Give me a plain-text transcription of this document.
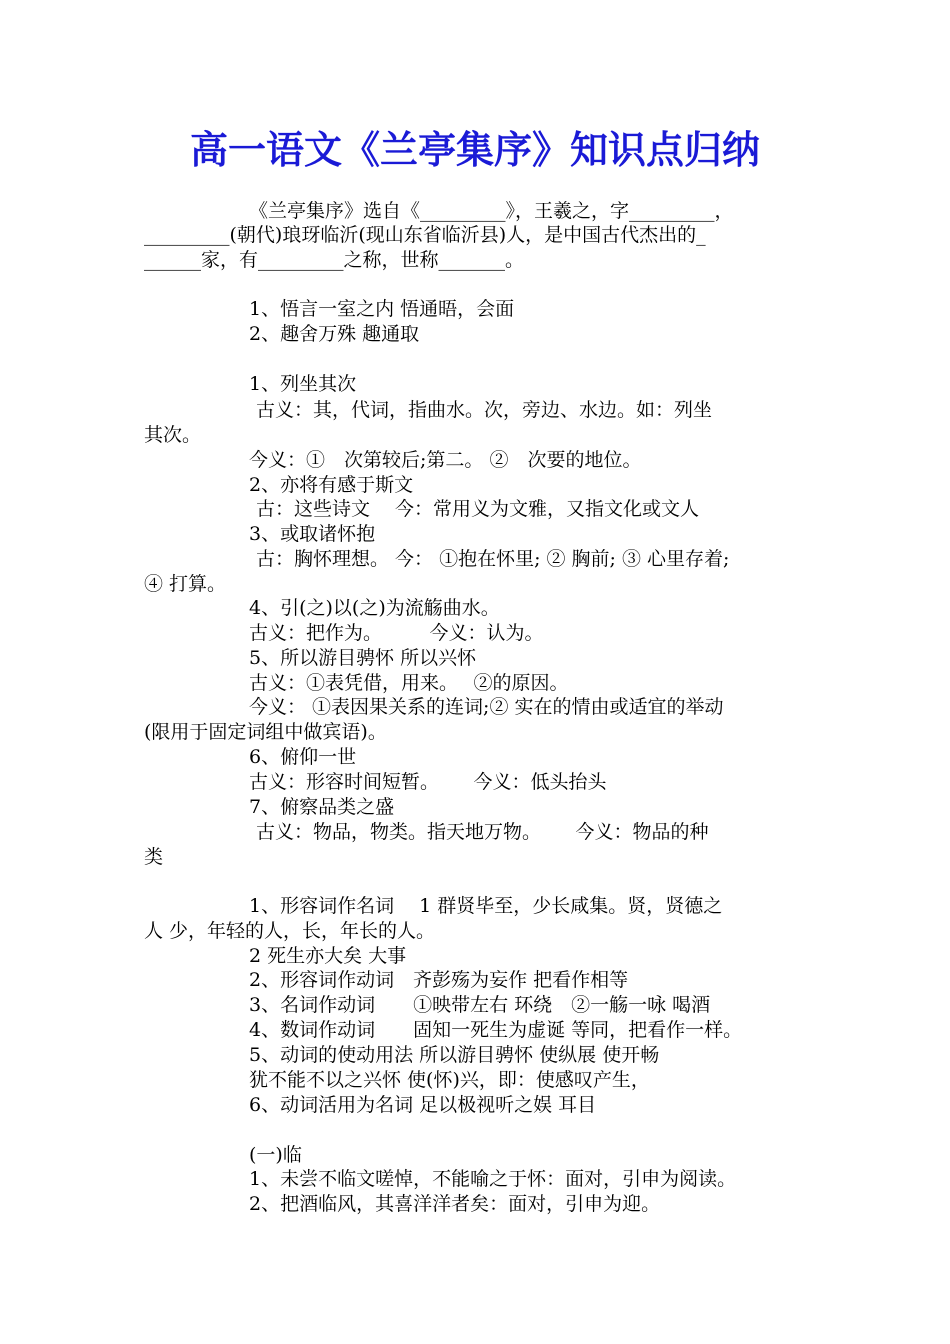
高一语文《兰亭集序》知识点归纳
《兰亭集序》选自《_________》，王羲之，字_________，
_________(朝代)琅玡临沂(现山东省临沂县)人，是中国古代杰出的_
______家，有_________之称，世称_______。
1、悟言一室之内 悟通晤，会面
2、趣舍万殊 趣通取
1、列坐其次
古义：其，代词，指曲水。次，旁边、水边。如：列坐
其次。
今义：①　次第较后;第二。 ②　次要的地位。
2、亦将有感于斯文
古：这些诗文　 今：常用义为文雅，又指文化或文人
3、或取诸怀抱
古：胸怀理想。 今： ①抱在怀里; ② 胸前; ③ 心里存着;
④ 打算。
4、引(之)以(之)为流觞曲水。
古义：把作为。　　　今义：认为。
5、所以游目骋怀 所以兴怀
古义：①表凭借，用来。　 ②的原因。
今义： ①表因果关系的连词;② 实在的情由或适宜的举动
(限用于固定词组中做宾语)。
6、俯仰一世
古义：形容时间短暂。　　 今义：低头抬头
7、俯察品类之盛
古义：物品，物类。指天地万物。　　 今义：物品的种
类
1、形容词作名词　 1 群贤毕至，少长咸集。贤，贤德之
人 少，年轻的人，长，年长的人。
2 死生亦大矣 大事
2、形容词作动词　齐彭殇为妄作 把看作相等
3、名词作动词　　①映带左右 环绕　②一觞一咏 喝酒
4、数词作动词　　固知一死生为虚诞 等同，把看作一样。
5、动词的使动用法 所以游目骋怀 使纵展 使开畅
犹不能不以之兴怀 使(怀)兴，即：使感叹产生，
6、动词活用为名词 足以极视听之娱 耳目
(一)临
1、未尝不临文嗟悼，不能喻之于怀：面对，引申为阅读。
2、把酒临风，其喜洋洋者矣：面对，引申为迎。
